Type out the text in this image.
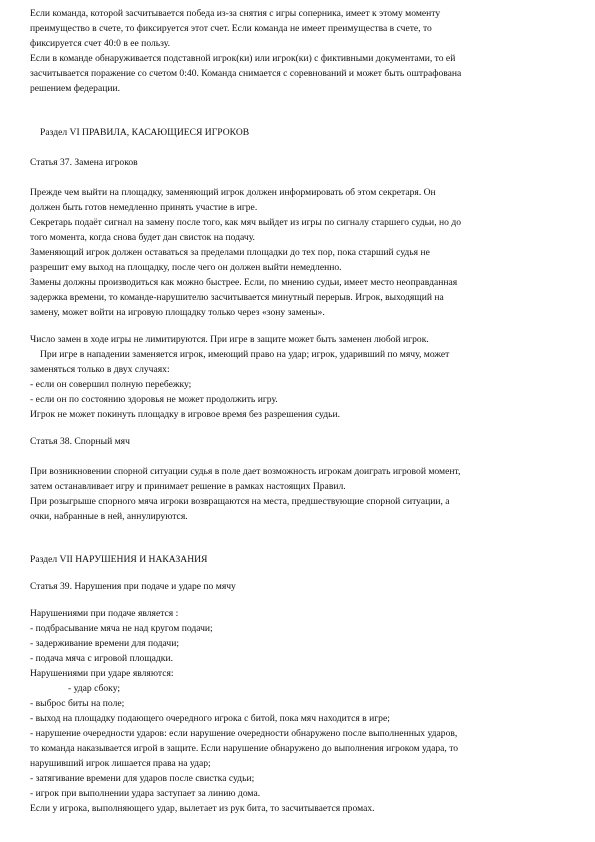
Если команда, которой засчитывается победа из-за снятия с игры соперника, имеет к этому моменту
преимущество в счете, то фиксируется этот счет. Если команда не имеет преимущества в счете, то
фиксируется счет 40:0 в ее пользу.
Если в команде обнаруживается подставной игрок(ки) или игрок(ки) с фиктивными документами, то ей
засчитывается поражение со счетом 0:40. Команда снимается с соревнований и может быть оштрафована
решением федерации.
Раздел VI ПРАВИЛА, КАСАЮЩИЕСЯ ИГРОКОВ
Статья 37. Замена игроков
Прежде чем выйти на площадку, заменяющий игрок должен информировать об этом секретаря. Он
должен быть готов немедленно принять участие в игре.
Секретарь подаёт сигнал на замену после того, как мяч выйдет из игры по сигналу старшего судьи, но до
того момента, когда снова будет дан свисток на подачу.
Заменяющий игрок должен оставаться за пределами площадки до тех пор, пока старший судья не
разрешит ему выход на площадку, после чего он должен выйти немедленно.
Замены должны производиться как можно быстрее. Если, по мнению судьи, имеет место неоправданная
задержка времени, то команде-нарушителю засчитывается минутный перерыв. Игрок, выходящий на
замену, может войти на игровую площадку только через «зону замены».
Число замен в ходе игры не лимитируются. При игре в защите может быть заменен любой игрок.
При игре в нападении заменяется игрок, имеющий право на удар; игрок, ударивший по мячу, может
заменяться только в двух случаях:
- если он совершил полную перебежку;
- если он по состоянию здоровья не может продолжить игру.
Игрок не может покинуть площадку в игровое время без разрешения судьи.
Статья 38. Спорный мяч
При возникновении спорной ситуации судья в поле дает возможность игрокам доиграть игровой момент,
затем останавливает игру и принимает решение в рамках настоящих Правил.
При розыгрыше спорного мяча игроки возвращаются на места, предшествующие спорной ситуации, а
очки, набранные в ней, аннулируются.
Раздел VII НАРУШЕНИЯ И НАКАЗАНИЯ
Статья 39. Нарушения при подаче и ударе по мячу
Нарушениями при подаче является :
- подбрасывание мяча не над кругом подачи;
- задерживание времени для подачи;
- подача мяча с игровой площадки.
Нарушениями при ударе являются:
- удар сбоку;
- выброс биты на поле;
- выход на площадку подающего очередного игрока с битой, пока мяч находится в игре;
- нарушение очередности ударов: если нарушение очередности обнаружено после выполненных ударов,
то команда наказывается игрой в защите. Если нарушение обнаружено до выполнения игроком удара, то
нарушивший игрок лишается права на удар;
- затягивание времени для ударов после свистка судьи;
- игрок при выполнении удара заступает за линию дома.
Если у игрока, выполняющего удар, вылетает из рук бита, то засчитывается промах.
